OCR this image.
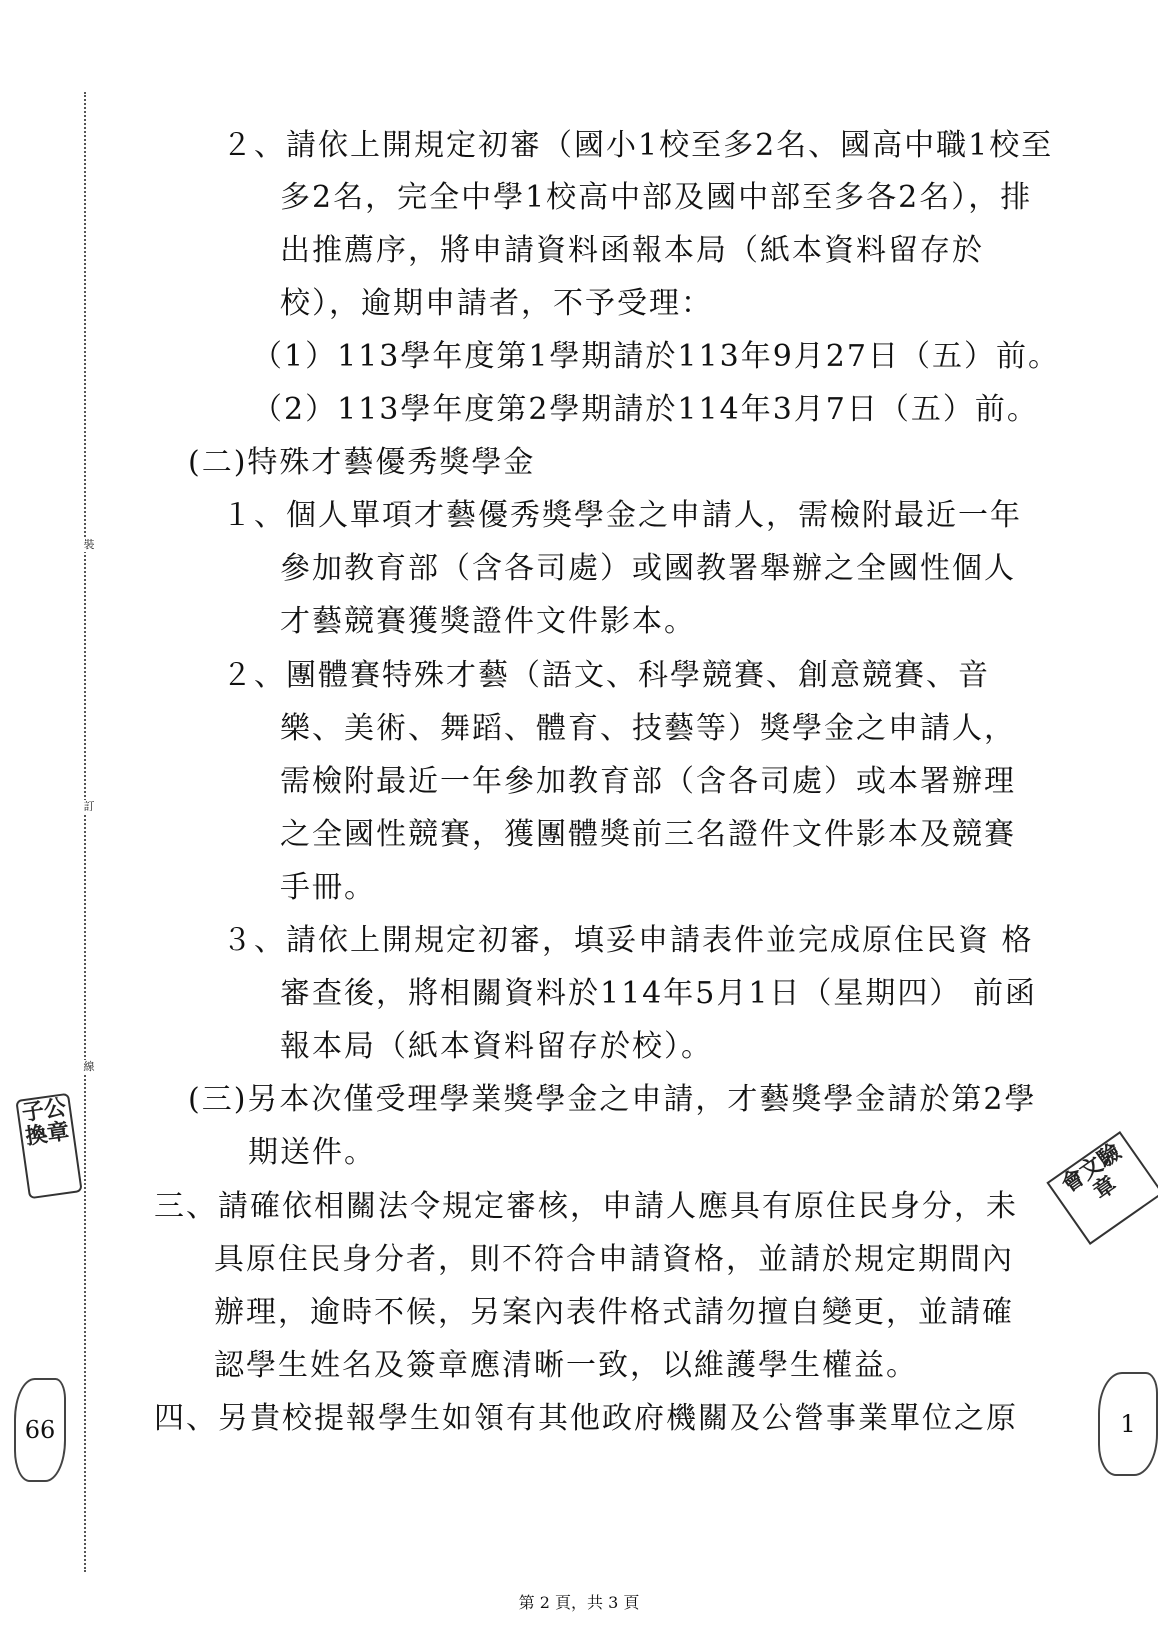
裝
訂
線
子公換章
會文驗章
66	1
２、請依上開規定初審（國小1校至多2名、國高中職1校至
多2名，完全中學1校高中部及國中部至多各2名），排
出推薦序，將申請資料函報本局（紙本資料留存於
校），逾期申請者，不予受理：
（1）113學年度第1學期請於113年9月27日（五）前。
（2）113學年度第2學期請於114年3月7日（五）前。
(二)特殊才藝優秀獎學金
１、個人單項才藝優秀獎學金之申請人，需檢附最近一年
參加教育部（含各司處）或國教署舉辦之全國性個人
才藝競賽獲獎證件文件影本。
２、團體賽特殊才藝（語文、科學競賽、創意競賽、音
樂、美術、舞蹈、體育、技藝等）獎學金之申請人，
需檢附最近一年參加教育部（含各司處）或本署辦理
之全國性競賽，獲團體獎前三名證件文件影本及競賽
手冊。
３、請依上開規定初審，填妥申請表件並完成原住民資 格
審查後，將相關資料於114年5月1日（星期四） 前函
報本局（紙本資料留存於校）。
(三)另本次僅受理學業獎學金之申請，才藝獎學金請於第2學
期送件。
三、請確依相關法令規定審核，申請人應具有原住民身分，未
具原住民身分者，則不符合申請資格，並請於規定期間內
辦理，逾時不候，另案內表件格式請勿擅自變更，並請確
認學生姓名及簽章應清晰一致，以維護學生權益。
四、另貴校提報學生如領有其他政府機關及公營事業單位之原
第 2 頁，共 3 頁
